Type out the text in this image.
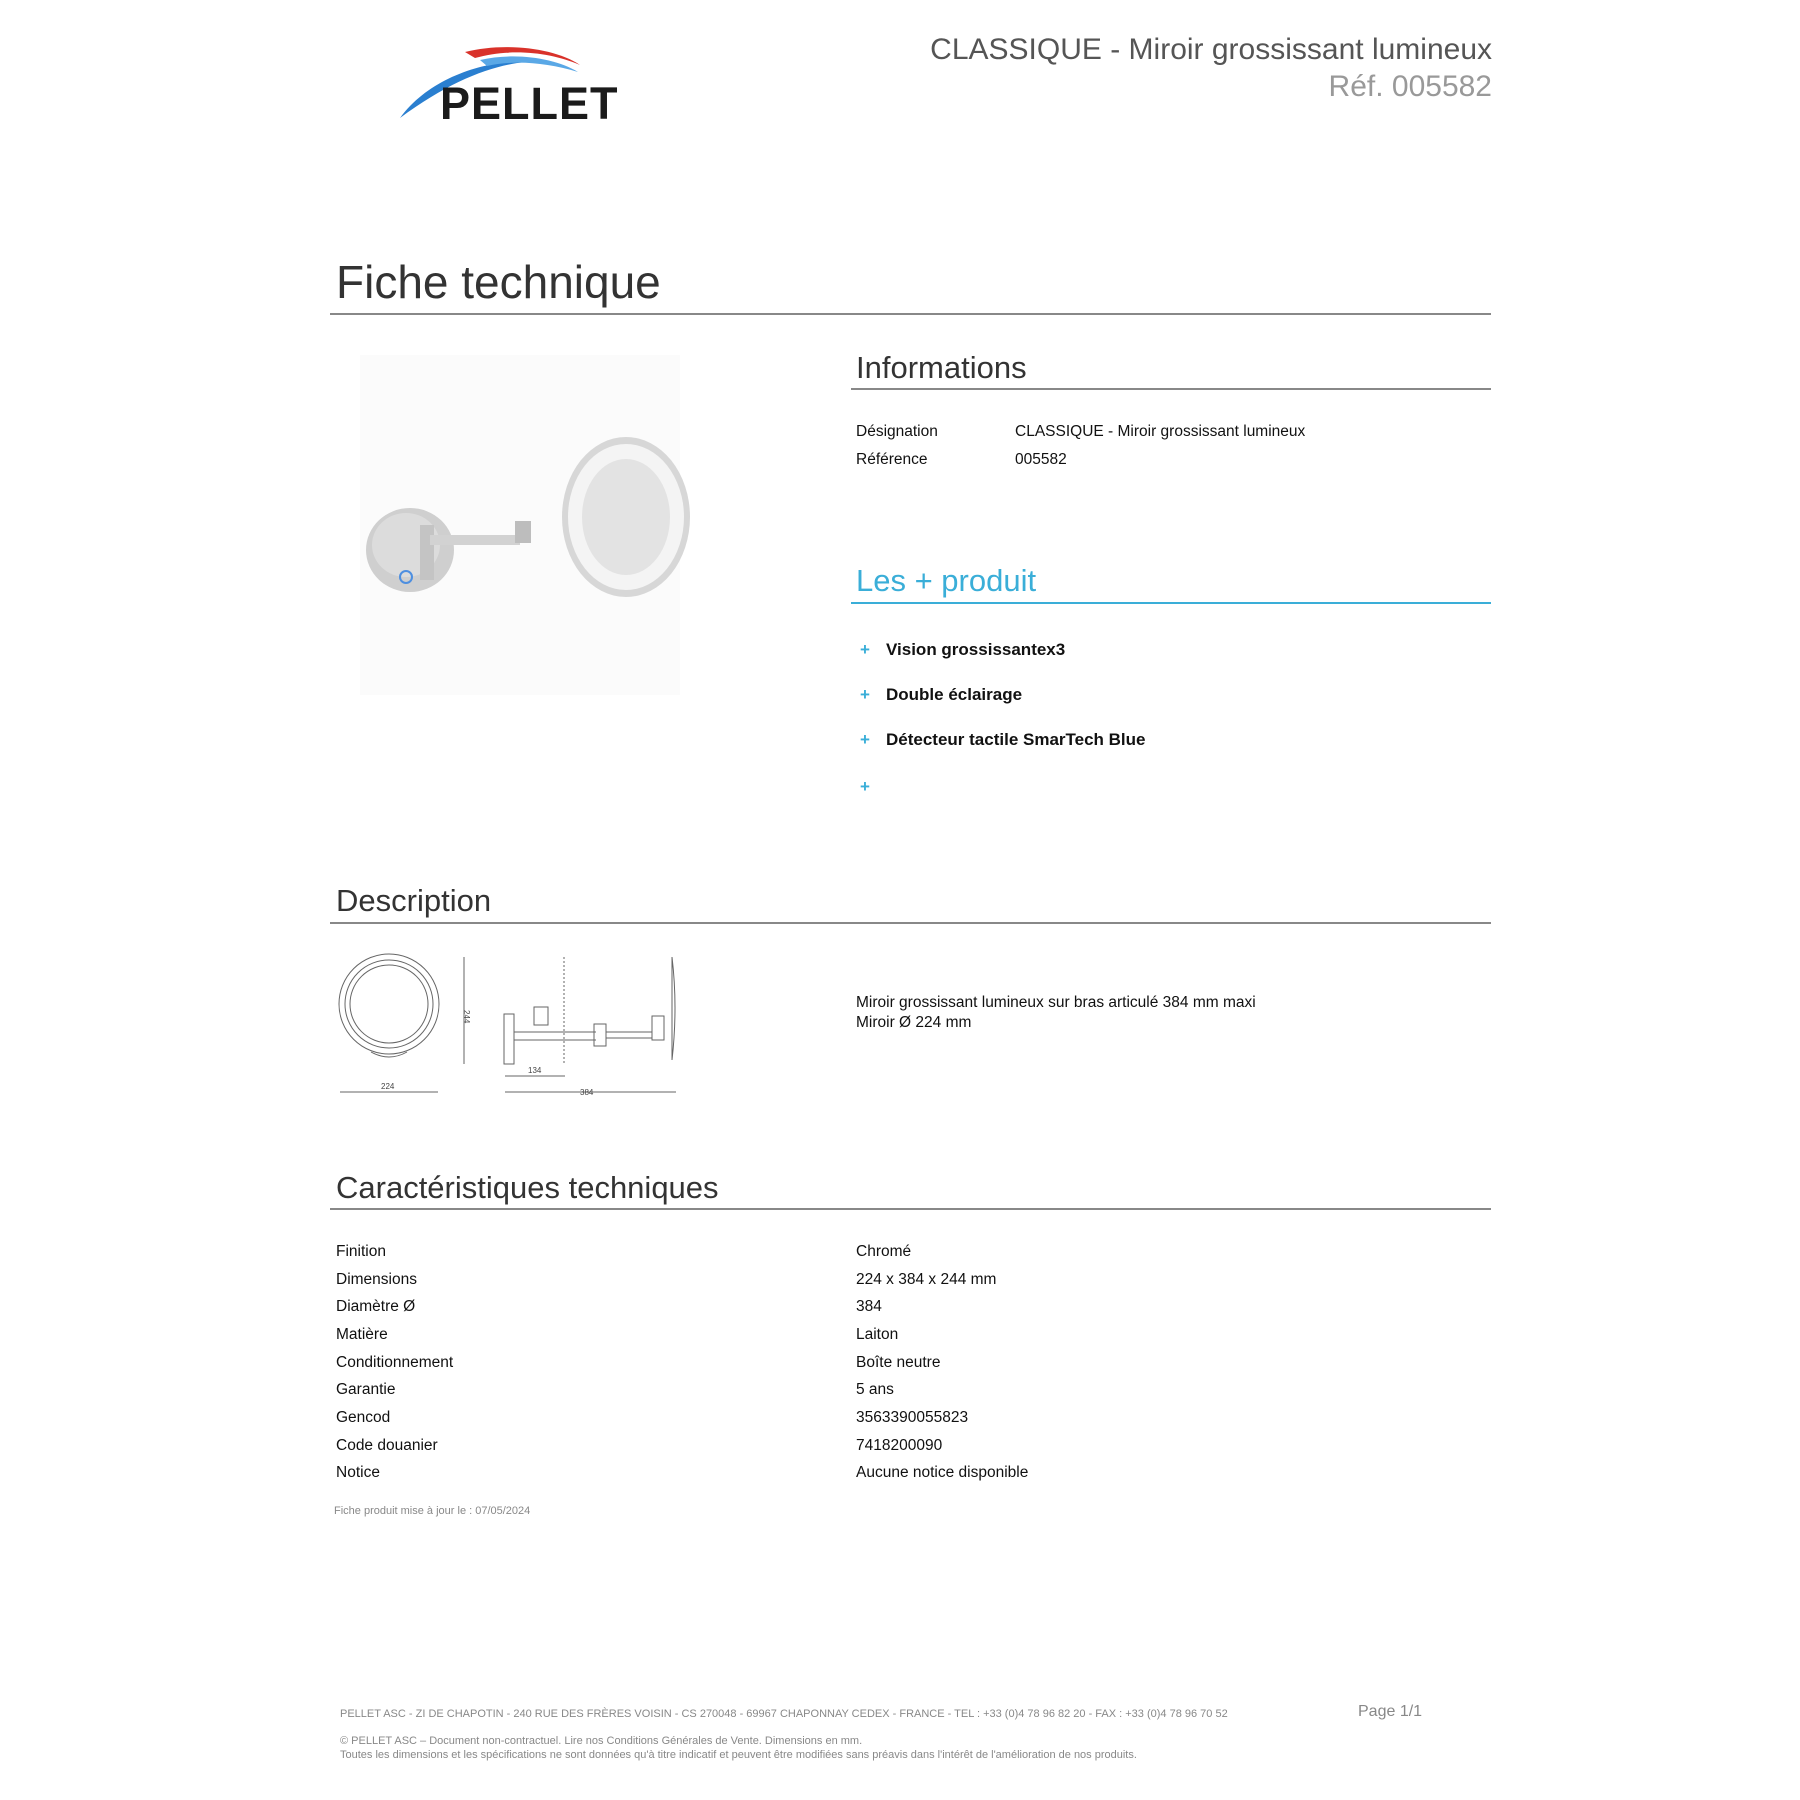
PELLET
CLASSIQUE - Miroir grossissant lumineux
Réf. 005582
Fiche technique
Informations
Désignation	CLASSIQUE - Miroir grossissant lumineux
Référence	005582
Les + produit
+ Vision grossissantex3
+ Double éclairage
+ Détecteur tactile SmarTech Blue
+
Description
244
224
134
384
Miroir grossissant lumineux sur bras articulé 384 mm maxi
Miroir Ø 224 mm
Caractéristiques techniques
Finition	Chromé
Dimensions	224 x 384 x 244 mm
Diamètre Ø	384
Matière	Laiton
Conditionnement	Boîte neutre
Garantie	5 ans
Gencod	3563390055823
Code douanier	7418200090
Notice	Aucune notice disponible
Fiche produit mise à jour le : 07/05/2024
PELLET ASC - ZI DE CHAPOTIN - 240 RUE DES FRÈRES VOISIN - CS 270048 - 69967 CHAPONNAY CEDEX - FRANCE - TEL : +33 (0)4 78 96 82 20 - FAX : +33 (0)4 78 96 70 52	Page 1/1
© PELLET ASC – Document non-contractuel. Lire nos Conditions Générales de Vente. Dimensions en mm.
Toutes les dimensions et les spécifications ne sont données qu'à titre indicatif et peuvent être modifiées sans préavis dans l'intérêt de l'amélioration de nos produits.
